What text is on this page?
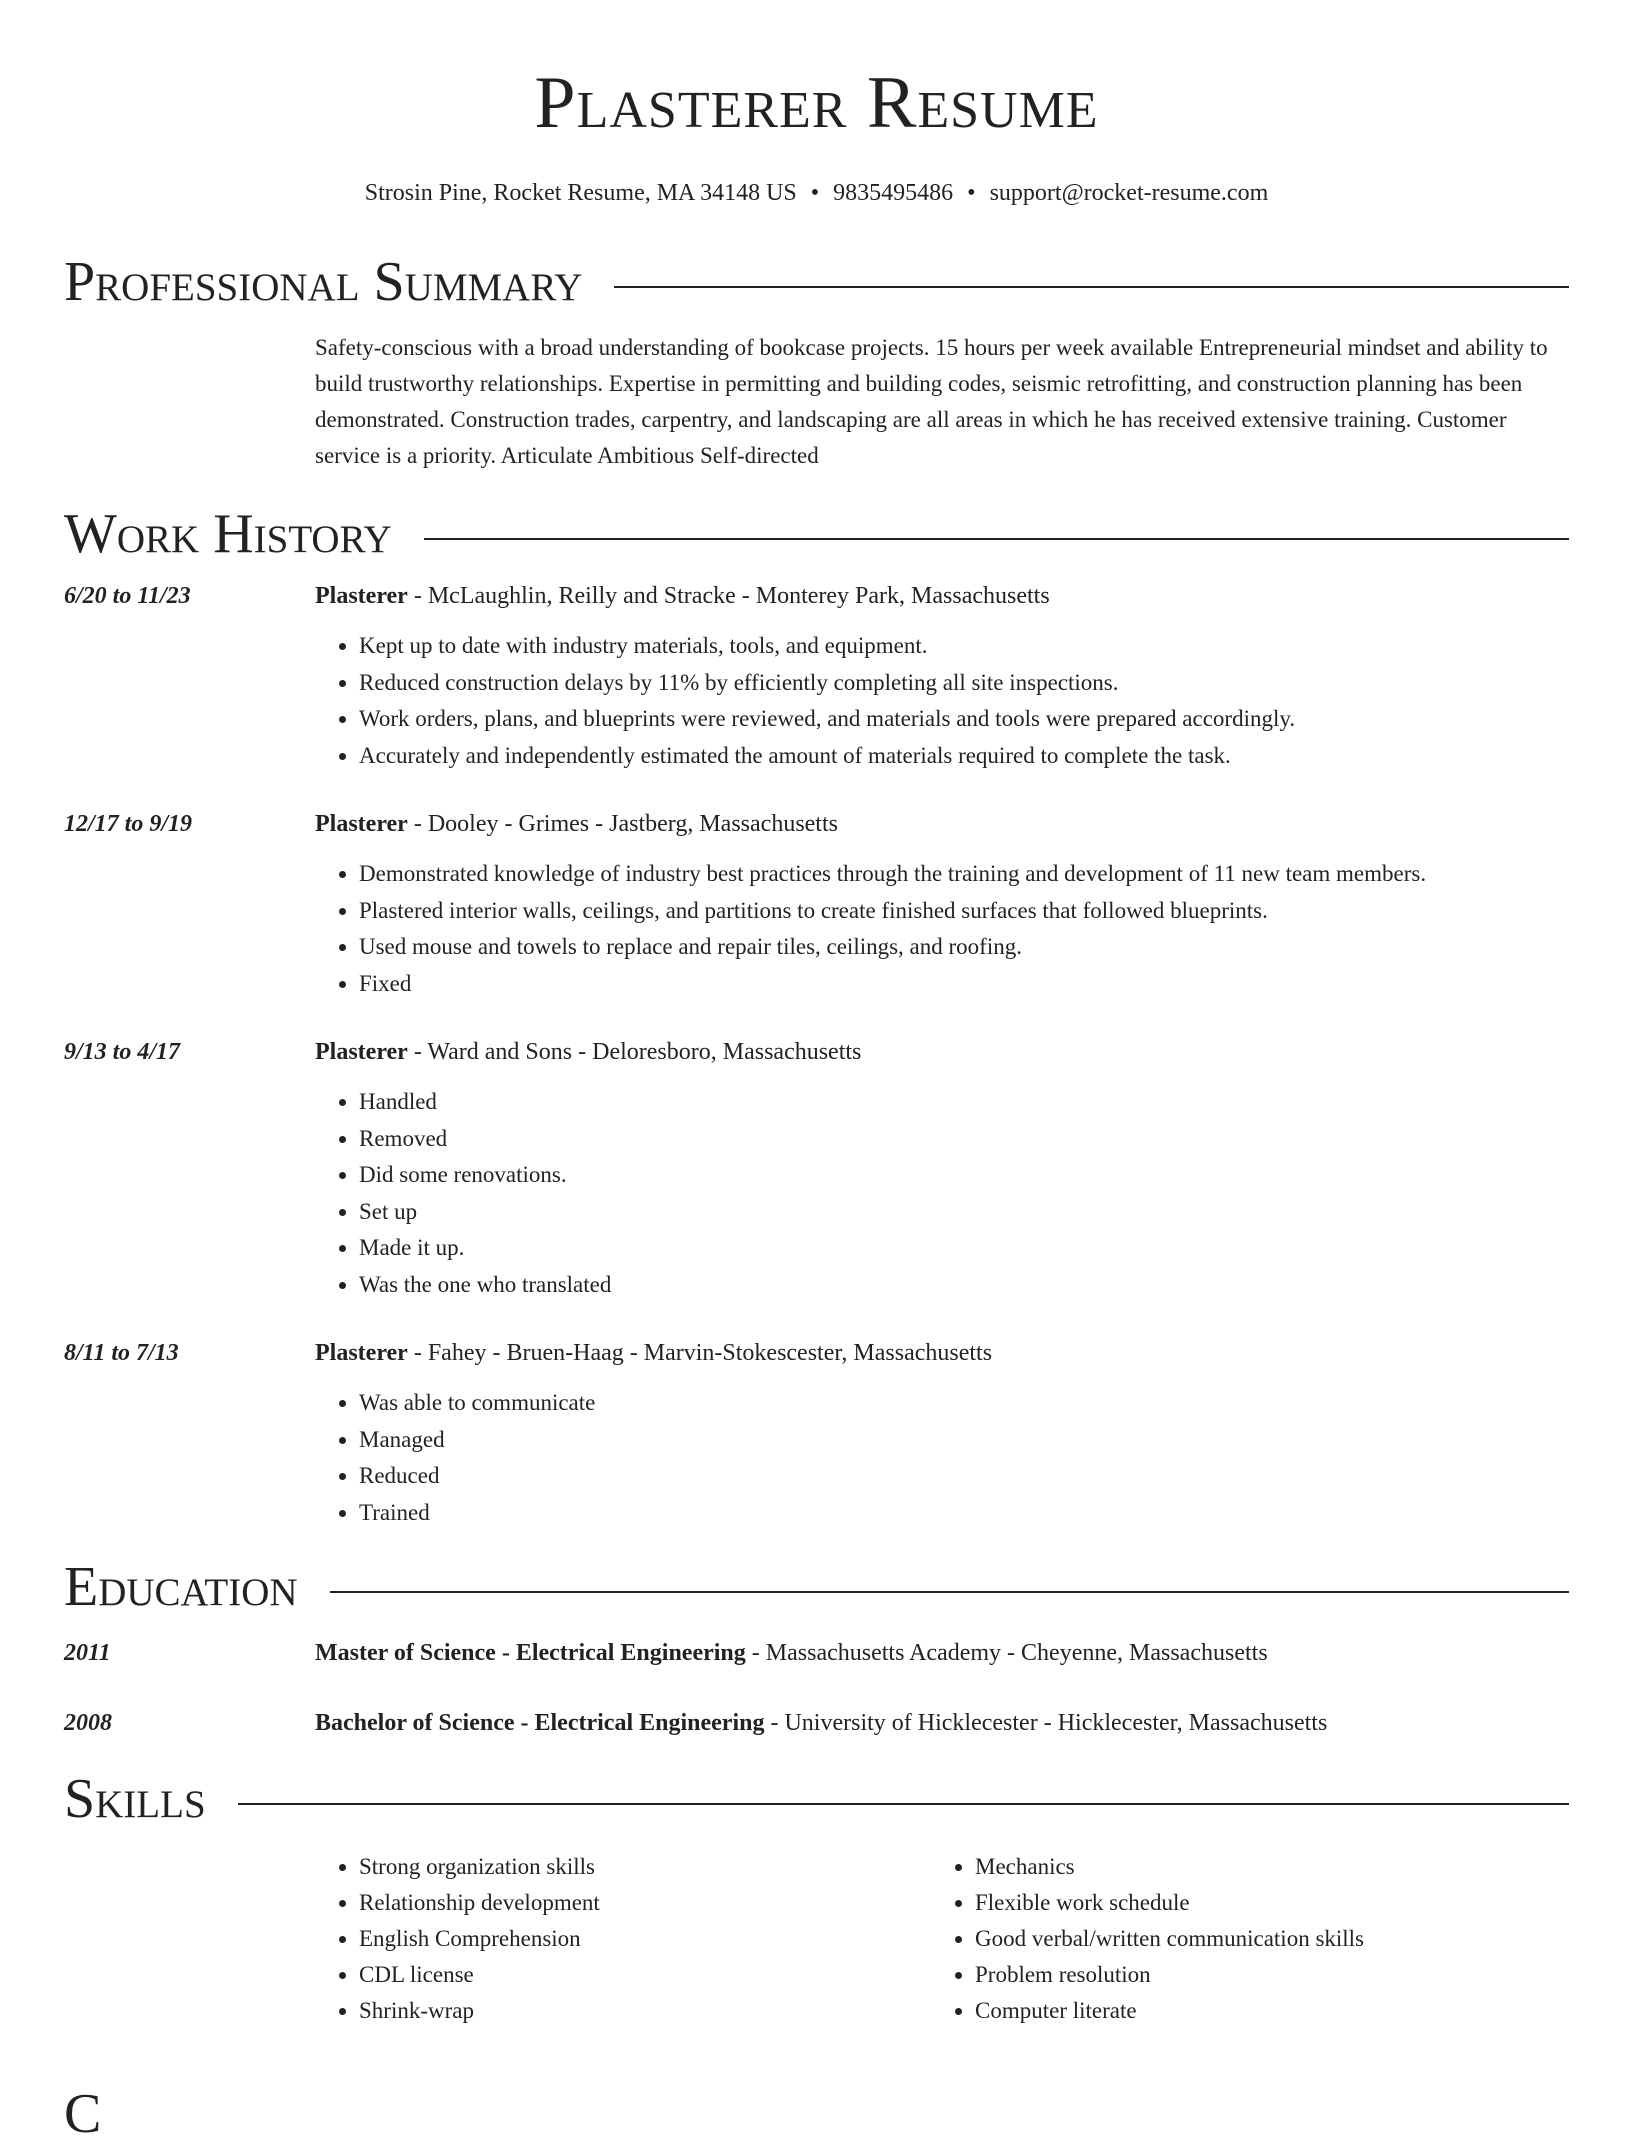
Plasterer Resume
Strosin Pine, Rocket Resume, MA 34148 US • 9835495486 • support@rocket-resume.com
Professional Summary
Safety-conscious with a broad understanding of bookcase projects. 15 hours per week available Entrepreneurial mindset and ability to build trustworthy relationships. Expertise in permitting and building codes, seismic retrofitting, and construction planning has been demonstrated. Construction trades, carpentry, and landscaping are all areas in which he has received extensive training. Customer service is a priority. Articulate Ambitious Self-directed
Work History
6/20 to 11/23	Plasterer - McLaughlin, Reilly and Stracke - Monterey Park, Massachusetts
• Kept up to date with industry materials, tools, and equipment.
• Reduced construction delays by 11% by efficiently completing all site inspections.
• Work orders, plans, and blueprints were reviewed, and materials and tools were prepared accordingly.
• Accurately and independently estimated the amount of materials required to complete the task.
12/17 to 9/19	Plasterer - Dooley - Grimes - Jastberg, Massachusetts
• Demonstrated knowledge of industry best practices through the training and development of 11 new team members.
• Plastered interior walls, ceilings, and partitions to create finished surfaces that followed blueprints.
• Used mouse and towels to replace and repair tiles, ceilings, and roofing.
• Fixed
9/13 to 4/17	Plasterer - Ward and Sons - Deloresboro, Massachusetts
• Handled
• Removed
• Did some renovations.
• Set up
• Made it up.
• Was the one who translated
8/11 to 7/13	Plasterer - Fahey - Bruen-Haag - Marvin-Stokescester, Massachusetts
• Was able to communicate
• Managed
• Reduced
• Trained
Education
2011	Master of Science - Electrical Engineering - Massachusetts Academy - Cheyenne, Massachusetts
2008	Bachelor of Science - Electrical Engineering - University of Hicklecester - Hicklecester, Massachusetts
Skills
• Strong organization skills
• Relationship development
• English Comprehension
• CDL license
• Shrink-wrap
• Mechanics
• Flexible work schedule
• Good verbal/written communication skills
• Problem resolution
• Computer literate
C
